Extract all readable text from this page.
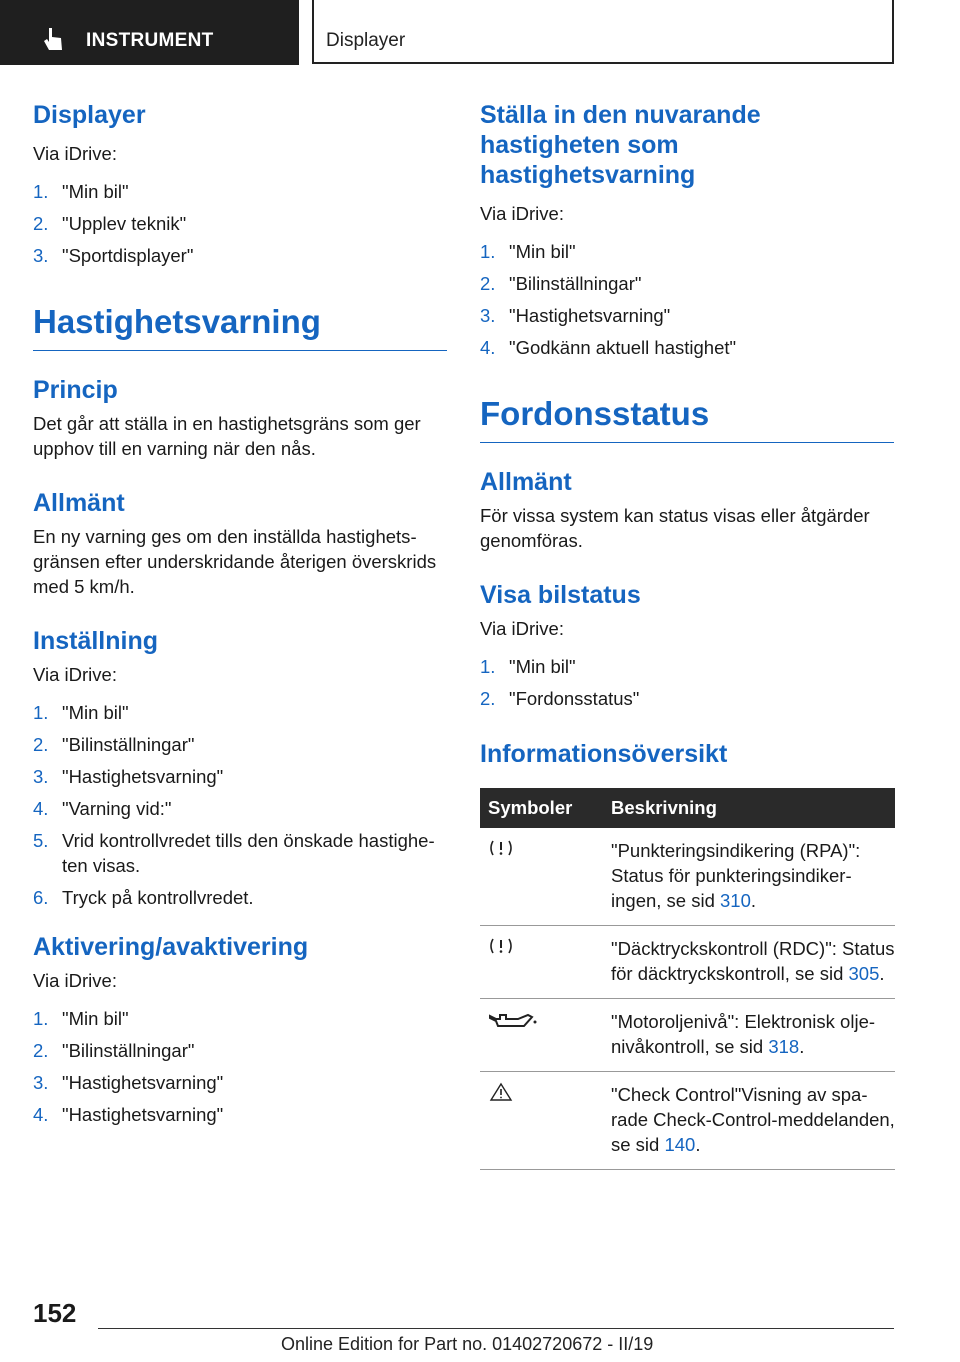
INSTRUMENT	Displayer
Displayer

Via iDrive:

1. "Min bil"
2. "Upplev teknik"
3. "Sportdisplayer"
Hastighetsvarning
Princip

Det går att ställa in en hastighetsgräns som ger upphov till en varning när den nås.

Allmänt

En ny varning ges om den inställda hastighetsgränsen efter underskridande återigen överskrids med 5 km/h.

Inställning

Via iDrive:

1. "Min bil"
2. "Bilinställningar"
3. "Hastighetsvarning"
4. "Varning vid:"
5. Vrid kontrollvredet tills den önskade hastigheten visas.
6. Tryck på kontrollvredet.
Aktivering/avaktivering

Via iDrive:

1. "Min bil"
2. "Bilinställningar"
3. "Hastighetsvarning"
4. "Hastighetsvarning"
Ställa in den nuvarande hastigheten som hastighetsvarning

Via iDrive:

1. "Min bil"
2. "Bilinställningar"
3. "Hastighetsvarning"
4. "Godkänn aktuell hastighet"
Fordonsstatus
Allmänt

För vissa system kan status visas eller åtgärder genomföras.

Visa bilstatus

Via iDrive:

1. "Min bil"
2. "Fordonsstatus"
Informationsöversikt
Symboler	Beskrivning
	"Punkteringsindikering (RPA)": Status för punkteringsindikeringen, se sid 310.
	"Däcktryckskontroll (RDC)": Status för däcktryckskontroll, se sid 305.
	"Motoroljenivå": Elektronisk oljenivåkontroll, se sid 318.
	"Check Control"Visning av sparade Check-Control-meddelanden, se sid 140.
152
Online Edition for Part no. 01402720672 - II/19
